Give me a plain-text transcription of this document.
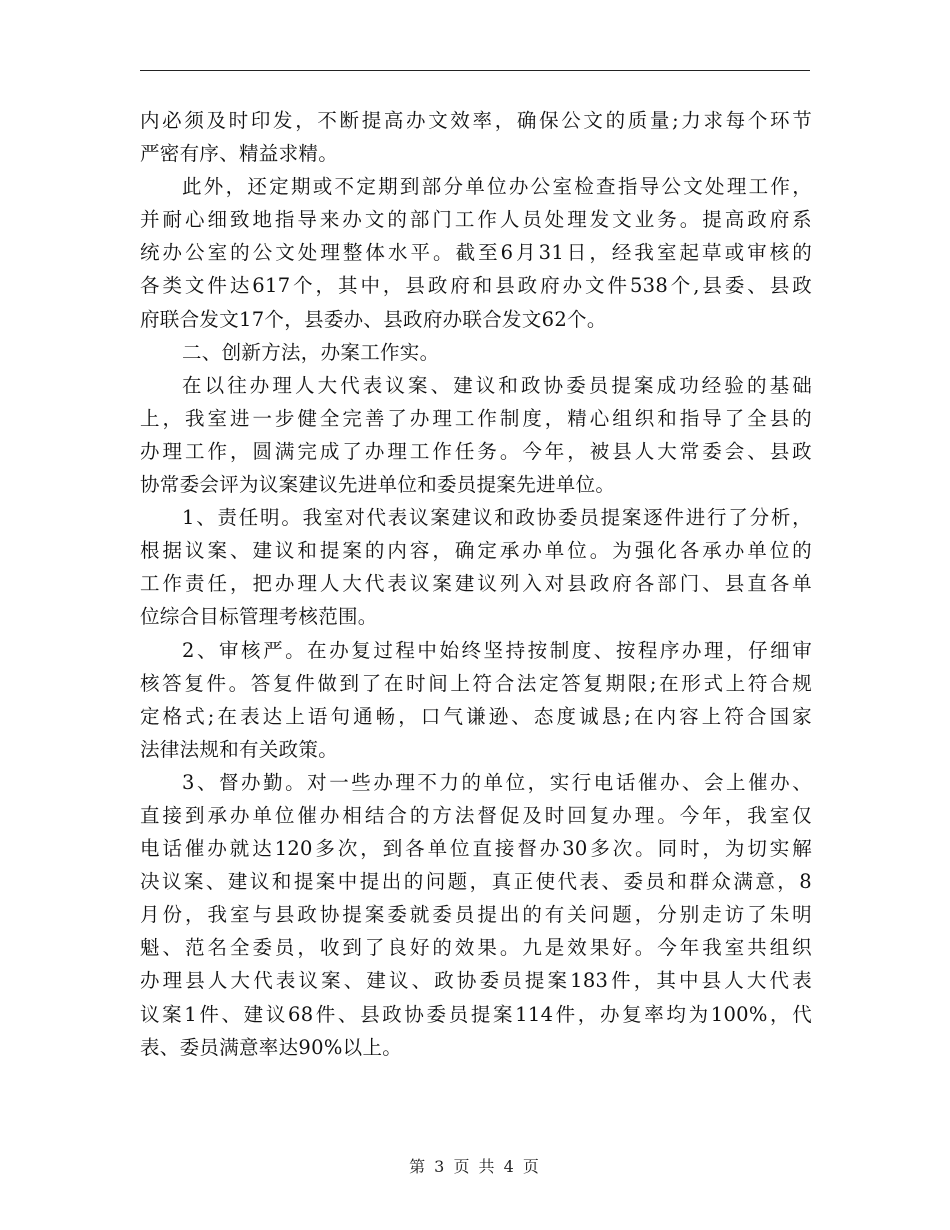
内必须及时印发，不断提高办文效率，确保公文的质量;力求每个环节
严密有序、精益求精。
此外，还定期或不定期到部分单位办公室检查指导公文处理工作，
并耐心细致地指导来办文的部门工作人员处理发文业务。提高政府系
统办公室的公文处理整体水平。截至6月31日，经我室起草或审核的
各类文件达617个，其中，县政府和县政府办文件538个,县委、县政
府联合发文17个，县委办、县政府办联合发文62个。
二、创新方法，办案工作实。
在以往办理人大代表议案、建议和政协委员提案成功经验的基础
上，我室进一步健全完善了办理工作制度，精心组织和指导了全县的
办理工作，圆满完成了办理工作任务。今年，被县人大常委会、县政
协常委会评为议案建议先进单位和委员提案先进单位。
1、责任明。我室对代表议案建议和政协委员提案逐件进行了分析，
根据议案、建议和提案的内容，确定承办单位。为强化各承办单位的
工作责任，把办理人大代表议案建议列入对县政府各部门、县直各单
位综合目标管理考核范围。
2、审核严。在办复过程中始终坚持按制度、按程序办理，仔细审
核答复件。答复件做到了在时间上符合法定答复期限;在形式上符合规
定格式;在表达上语句通畅，口气谦逊、态度诚恳;在内容上符合国家
法律法规和有关政策。
3、督办勤。对一些办理不力的单位，实行电话催办、会上催办、
直接到承办单位催办相结合的方法督促及时回复办理。今年，我室仅
电话催办就达120多次，到各单位直接督办30多次。同时，为切实解
决议案、建议和提案中提出的问题，真正使代表、委员和群众满意，8
月份，我室与县政协提案委就委员提出的有关问题，分别走访了朱明
魁、范名全委员，收到了良好的效果。九是效果好。今年我室共组织
办理县人大代表议案、建议、政协委员提案183件，其中县人大代表
议案1件、建议68件、县政协委员提案114件，办复率均为100%，代
表、委员满意率达90%以上。
第 3 页 共 4 页
